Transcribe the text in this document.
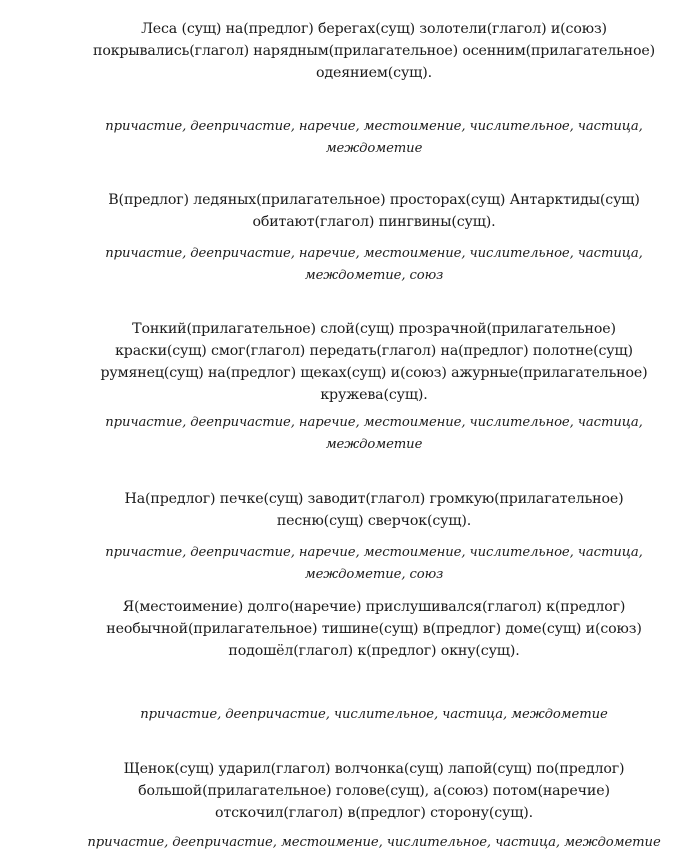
Леса (сущ) на(предлог) берегах(сущ) золотели(глагол) и(союз) покрывались(глагол) нарядным(прилагательное) осенним(прилагательное) одеянием(сущ).

причастие, деепричастие, наречие, местоимение, числительное, частица, междометие

В(предлог) ледяных(прилагательное) просторах(сущ) Антарктиды(сущ) обитают(глагол) пингвины(сущ).

причастие, деепричастие, наречие, местоимение, числительное, частица, междометие, союз

Тонкий(прилагательное) слой(сущ) прозрачной(прилагательное) краски(сущ) смог(глагол) передать(глагол) на(предлог) полотне(сущ) румянец(сущ) на(предлог) щеках(сущ) и(союз) ажурные(прилагательное) кружева(сущ).

причастие, деепричастие, наречие, местоимение, числительное, частица, междометие

На(предлог) печке(сущ) заводит(глагол) громкую(прилагательное) песню(сущ) сверчок(сущ).

причастие, деепричастие, наречие, местоимение, числительное, частица, междометие, союз

Я(местоимение) долго(наречие) прислушивался(глагол) к(предлог) необычной(прилагательное) тишине(сущ) в(предлог) доме(сущ) и(союз) подошёл(глагол) к(предлог) окну(сущ).

причастие, деепричастие, числительное, частица, междометие

Щенок(сущ) ударил(глагол) волчонка(сущ) лапой(сущ) по(предлог) большой(прилагательное) голове(сущ), а(союз) потом(наречие) отскочил(глагол) в(предлог) сторону(сущ).

причастие, деепричастие, местоимение, числительное, частица, междометие
